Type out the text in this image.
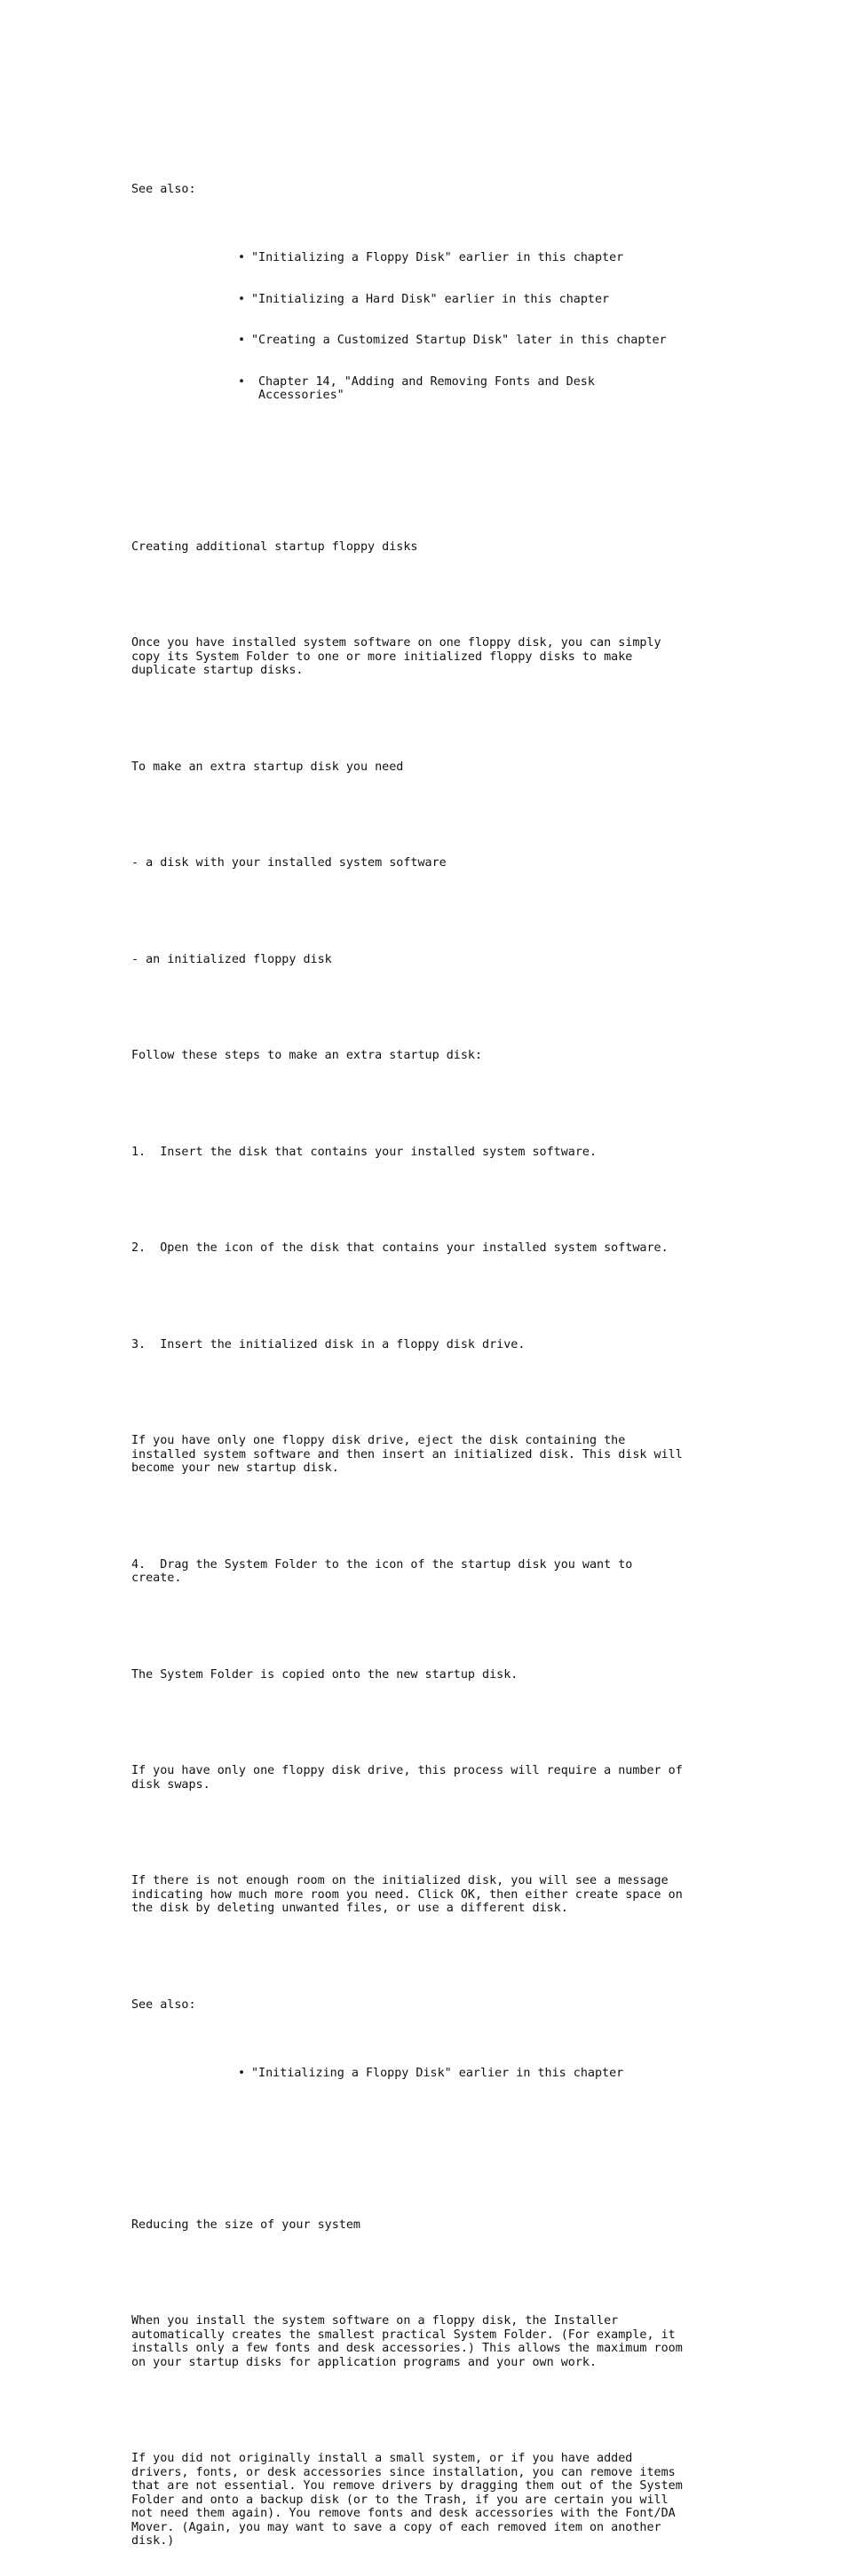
See also:

• "Initializing a Floppy Disk" earlier in this chapter

• "Initializing a Hard Disk" earlier in this chapter

• "Creating a Customized Startup Disk" later in this chapter

• Chapter 14, "Adding and Removing Fonts and Desk
Accessories"

Creating additional startup floppy disks

Once you have installed system software on one floppy disk, you can simply
copy its System Folder to one or more initialized floppy disks to make
duplicate startup disks.

To make an extra startup disk you need

- a disk with your installed system software

- an initialized floppy disk

Follow these steps to make an extra startup disk:

1.  Insert the disk that contains your installed system software.

2.  Open the icon of the disk that contains your installed system software.

3.  Insert the initialized disk in a floppy disk drive.

If you have only one floppy disk drive, eject the disk containing the
installed system software and then insert an initialized disk. This disk will
become your new startup disk.

4.  Drag the System Folder to the icon of the startup disk you want to
create.

The System Folder is copied onto the new startup disk.

If you have only one floppy disk drive, this process will require a number of
disk swaps.

If there is not enough room on the initialized disk, you will see a message
indicating how much more room you need. Click OK, then either create space on
the disk by deleting unwanted files, or use a different disk.

See also:

• "Initializing a Floppy Disk" earlier in this chapter

Reducing the size of your system

When you install the system software on a floppy disk, the Installer
automatically creates the smallest practical System Folder. (For example, it
installs only a few fonts and desk accessories.) This allows the maximum room
on your startup disks for application programs and your own work.

If you did not originally install a small system, or if you have added
drivers, fonts, or desk accessories since installation, you can remove items
that are not essential. You remove drivers by dragging them out of the System
Folder and onto a backup disk (or to the Trash, if you are certain you will
not need them again). You remove fonts and desk accessories with the Font/DA
Mover. (Again, you may want to save a copy of each removed item on another
disk.)
